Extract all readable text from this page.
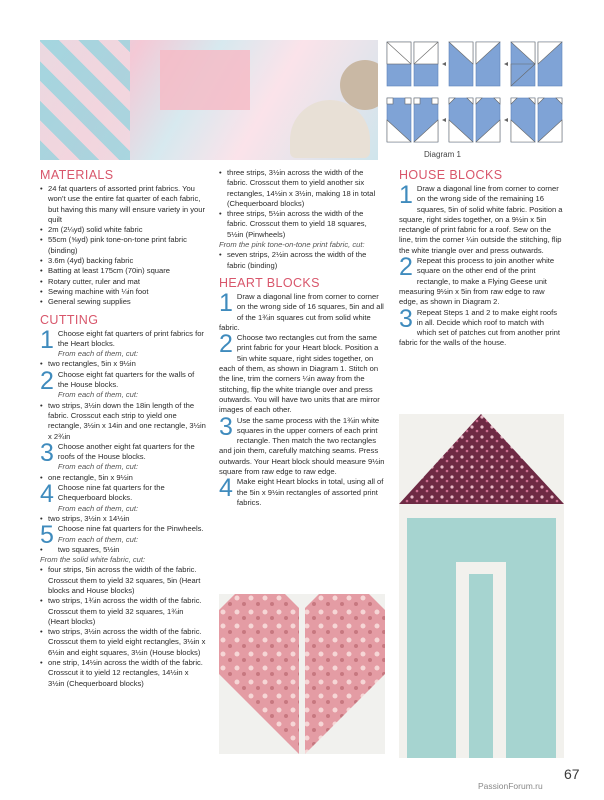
Diagram 1
MATERIALS
• 24 fat quarters of assorted print fabrics. You won’t use the entire fat quarter of each fabric, but having this many will ensure variety in your quilt
• 2m (2¼yd) solid white fabric
• 55cm (⅝yd) pink tone-on-tone print fabric (binding)
• 3.6m (4yd) backing fabric
• Batting at least 175cm (70in) square
• Rotary cutter, ruler and mat
• Sewing machine with ¼in foot
• General sewing supplies
CUTTING
1 Choose eight fat quarters of print fabrics for the Heart blocks.
From each of them, cut:
• two rectangles, 5in x 9½in
2 Choose eight fat quarters for the walls of the House blocks.
From each of them, cut:
• two strips, 3½in down the 18in length of the fabric. Crosscut each strip to yield one rectangle, 3½in x 14in and one rectangle, 3½in x 2¾in
3 Choose another eight fat quarters for the roofs of the House blocks.
From each of them, cut:
• one rectangle, 5in x 9½in
4 Choose nine fat quarters for the Chequerboard blocks.
From each of them, cut:
• two strips, 3½in x 14½in
5 Choose nine fat quarters for the Pinwheels.
From each of them, cut:
• two squares, 5½in
From the solid white fabric, cut:
• four strips, 5in across the width of the fabric. Crosscut them to yield 32 squares, 5in (Heart blocks and House blocks)
• two strips, 1¾in across the width of the fabric. Crosscut them to yield 32 squares, 1¾in (Heart blocks)
• two strips, 3½in across the width of the fabric. Crosscut them to yield eight rectangles, 3½in x 6½in and eight squares, 3½in (House blocks)
• one strip, 14½in across the width of the fabric. Crosscut it to yield 12 rectangles, 14½in x 3½in (Chequerboard blocks)
• three strips, 3½in across the width of the fabric. Crosscut them to yield another six rectangles, 14½in x 3½in, making 18 in total (Chequerboard blocks)
• three strips, 5½in across the width of the fabric. Crosscut them to yield 18 squares, 5½in (Pinwheels)
From the pink tone-on-tone print fabric, cut:
• seven strips, 2½in across the width of the fabric (binding)
HEART BLOCKS
1 Draw a diagonal line from corner to corner on the wrong side of 16 squares, 5in and all of the 1¾in squares cut from solid white fabric.
2 Choose two rectangles cut from the same print fabric for your Heart block. Position a 5in white square, right sides together, on each of them, as shown in Diagram 1. Stitch on the line, trim the corners ¼in away from the stitching, flip the white triangle over and press outwards. You will have two units that are mirror images of each other.
3 Use the same process with the 1¾in white squares in the upper corners of each print rectangle. Then match the two rectangles and join them, carefully matching seams. Press outwards. Your Heart block should measure 9½in square from raw edge to raw edge.
4 Make eight Heart blocks in total, using all of the 5in x 9½in rectangles of assorted print fabrics.
HOUSE BLOCKS
1 Draw a diagonal line from corner to corner on the wrong side of the remaining 16 squares, 5in of solid white fabric. Position a square, right sides together, on a 9½in x 5in rectangle of print fabric for a roof. Sew on the line, trim the corner ¼in outside the stitching, flip the white triangle over and press outwards.
2 Repeat this process to join another white square on the other end of the print rectangle, to make a Flying Geese unit measuring 9½in x 5in from raw edge to raw edge, as shown in Diagram 2.
3 Repeat Steps 1 and 2 to make eight roofs in all. Decide which roof to match with which set of patches cut from another print fabric for the walls of the house.
67
PassionForum.ru
